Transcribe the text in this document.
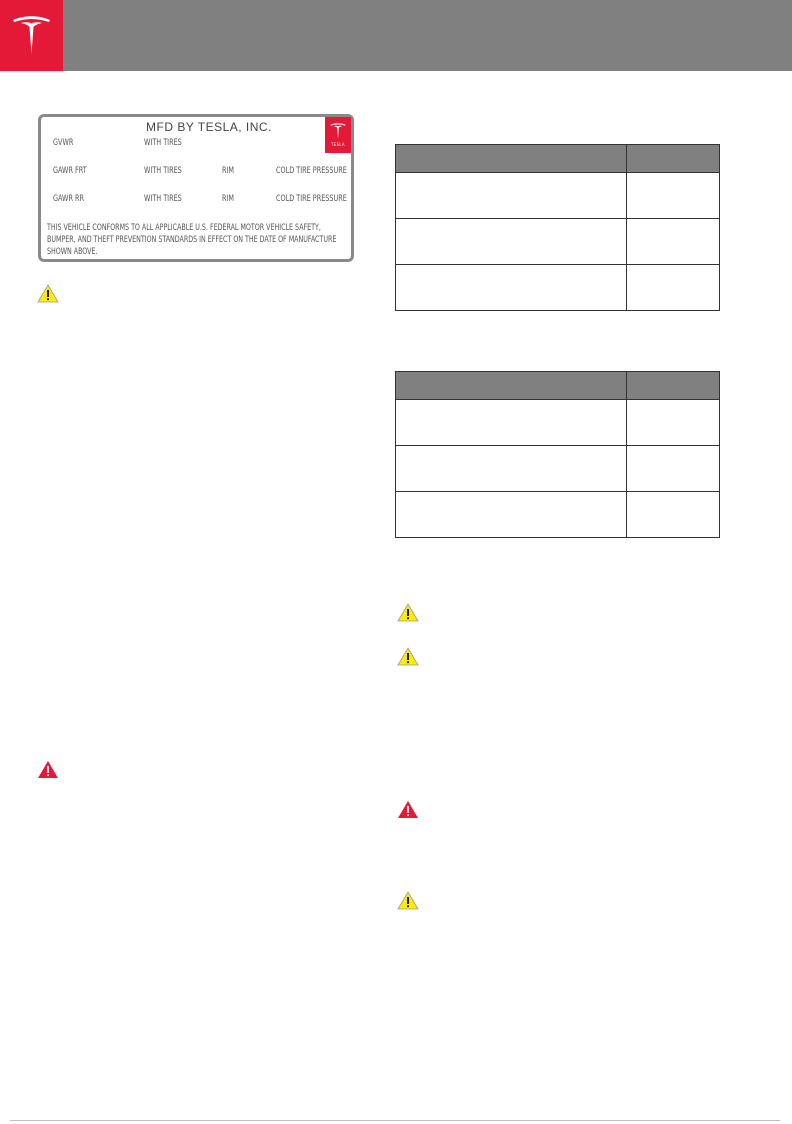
MFD BY TESLA, INC.
GVWR	WITH TIRES
GAWR FRT	WITH TIRES	RIM	COLD TIRE PRESSURE
GAWR RR	WITH TIRES	RIM	COLD TIRE PRESSURE
THIS VEHICLE CONFORMS TO ALL APPLICABLE U.S. FEDERAL MOTOR VEHICLE SAFETY, BUMPER, AND THEFT PREVENTION STANDARDS IN EFFECT ON THE DATE OF MANUFACTURE SHOWN ABOVE.
TESLA
